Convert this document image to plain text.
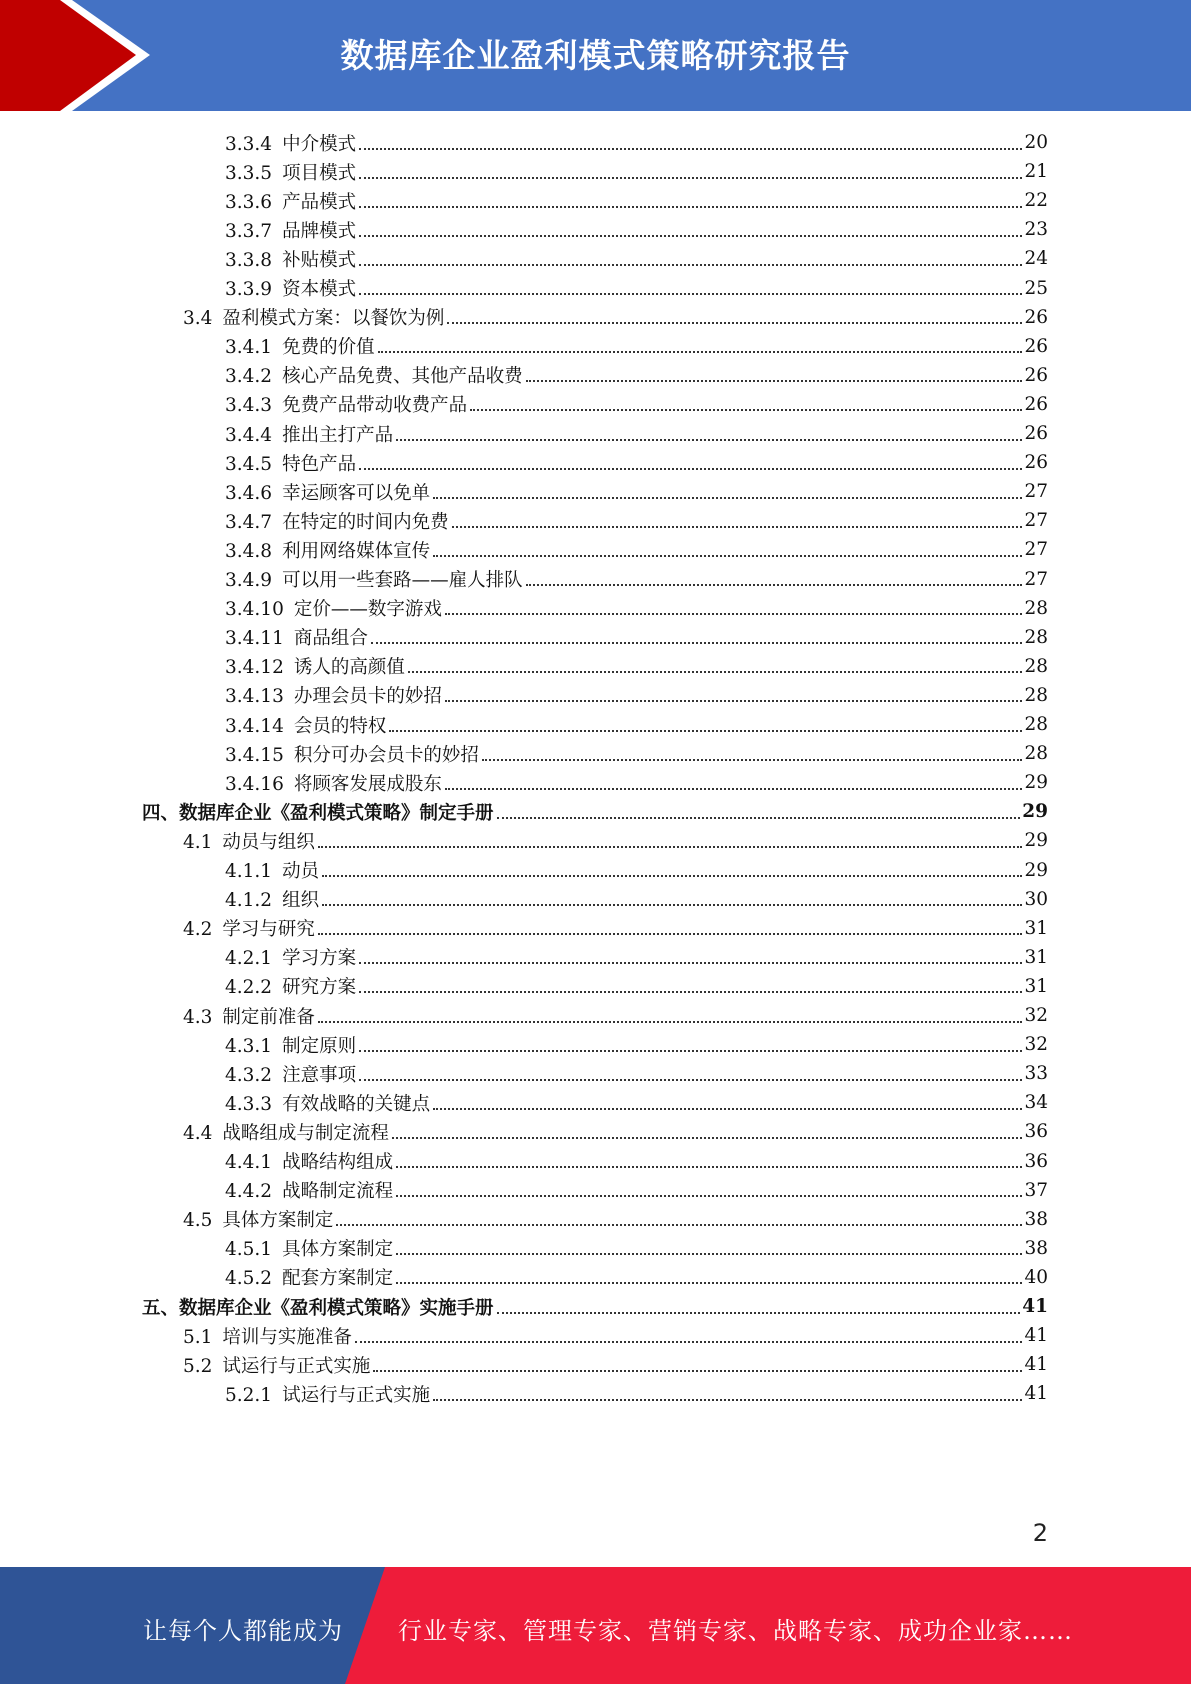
数据库企业盈利模式策略研究报告
3.3.4 中介模式	20
3.3.5 项目模式	21
3.3.6 产品模式	22
3.3.7 品牌模式	23
3.3.8 补贴模式	24
3.3.9 资本模式	25
3.4 盈利模式方案：以餐饮为例	26
3.4.1 免费的价值	26
3.4.2 核心产品免费、其他产品收费	26
3.4.3 免费产品带动收费产品	26
3.4.4 推出主打产品	26
3.4.5 特色产品	26
3.4.6 幸运顾客可以免单	27
3.4.7 在特定的时间内免费	27
3.4.8 利用网络媒体宣传	27
3.4.9 可以用一些套路——雇人排队	27
3.4.10 定价——数字游戏	28
3.4.11 商品组合	28
3.4.12 诱人的高颜值	28
3.4.13 办理会员卡的妙招	28
3.4.14 会员的特权	28
3.4.15 积分可办会员卡的妙招	28
3.4.16 将顾客发展成股东	29
四、数据库企业《盈利模式策略》制定手册	29
4.1 动员与组织	29
4.1.1 动员	29
4.1.2 组织	30
4.2 学习与研究	31
4.2.1 学习方案	31
4.2.2 研究方案	31
4.3 制定前准备	32
4.3.1 制定原则	32
4.3.2 注意事项	33
4.3.3 有效战略的关键点	34
4.4 战略组成与制定流程	36
4.4.1 战略结构组成	36
4.4.2 战略制定流程	37
4.5 具体方案制定	38
4.5.1 具体方案制定	38
4.5.2 配套方案制定	40
五、数据库企业《盈利模式策略》实施手册	41
5.1 培训与实施准备	41
5.2 试运行与正式实施	41
5.2.1 试运行与正式实施	41
2
让每个人都能成为 行业专家、管理专家、营销专家、战略专家、成功企业家……
